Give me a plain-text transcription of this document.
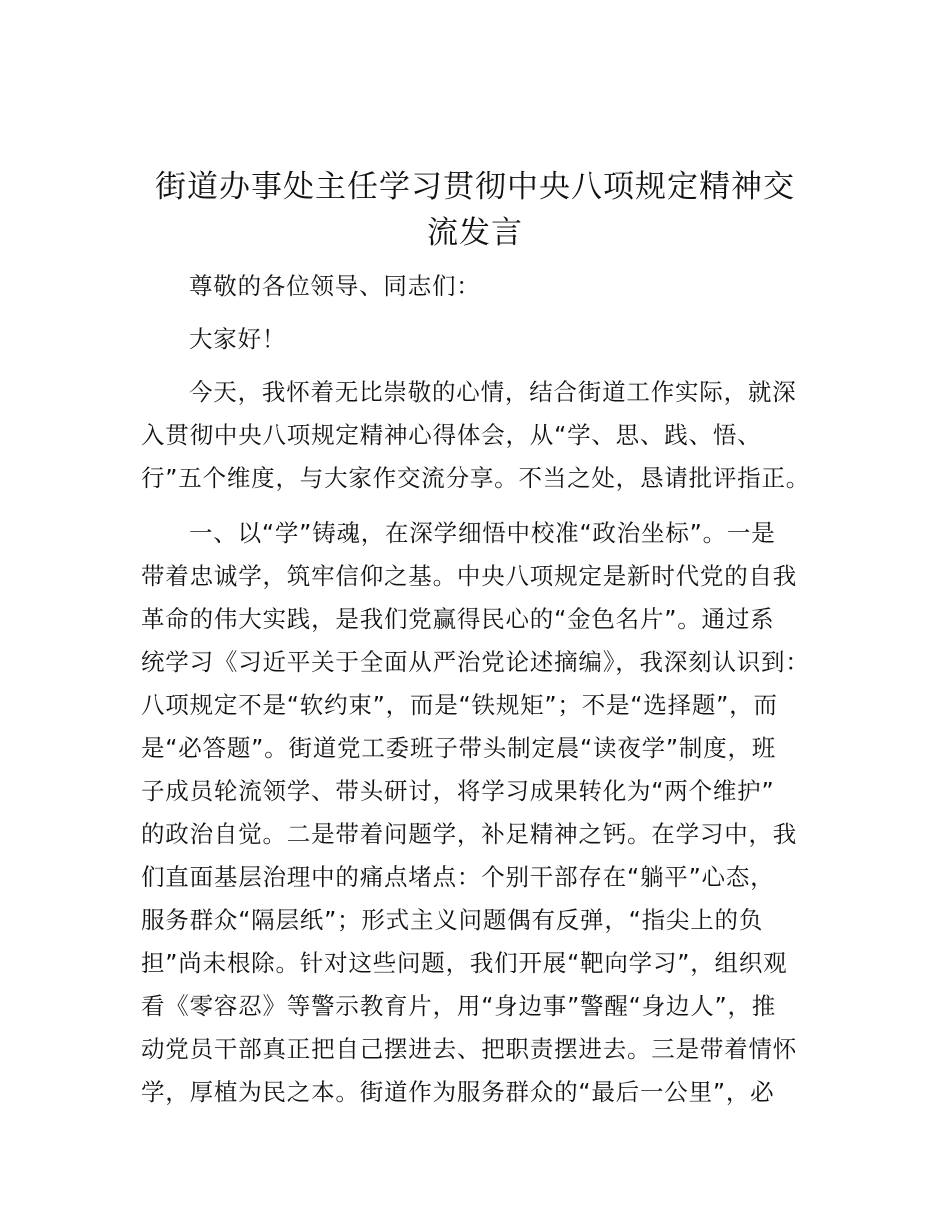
街道办事处主任学习贯彻中央八项规定精神交
流发言
尊敬的各位领导、同志们：
大家好！
今天，我怀着无比崇敬的心情，结合街道工作实际，就深
入贯彻中央八项规定精神心得体会，从“学、思、践、悟、
行”五个维度，与大家作交流分享。不当之处，恳请批评指正。
一、以“学”铸魂，在深学细悟中校准“政治坐标”。一是
带着忠诚学，筑牢信仰之基。中央八项规定是新时代党的自我
革命的伟大实践，是我们党赢得民心的“金色名片”。通过系
统学习《习近平关于全面从严治党论述摘编》，我深刻认识到：
八项规定不是“软约束”，而是“铁规矩”；不是“选择题”，而
是“必答题”。街道党工委班子带头制定晨“读夜学”制度，班
子成员轮流领学、带头研讨，将学习成果转化为“两个维护”
的政治自觉。二是带着问题学，补足精神之钙。在学习中，我
们直面基层治理中的痛点堵点：个别干部存在“躺平”心态，
服务群众“隔层纸”；形式主义问题偶有反弹，“指尖上的负
担”尚未根除。针对这些问题，我们开展“靶向学习”，组织观
看《零容忍》等警示教育片，用“身边事”警醒“身边人”，推
动党员干部真正把自己摆进去、把职责摆进去。三是带着情怀
学，厚植为民之本。街道作为服务群众的“最后一公里”，必
